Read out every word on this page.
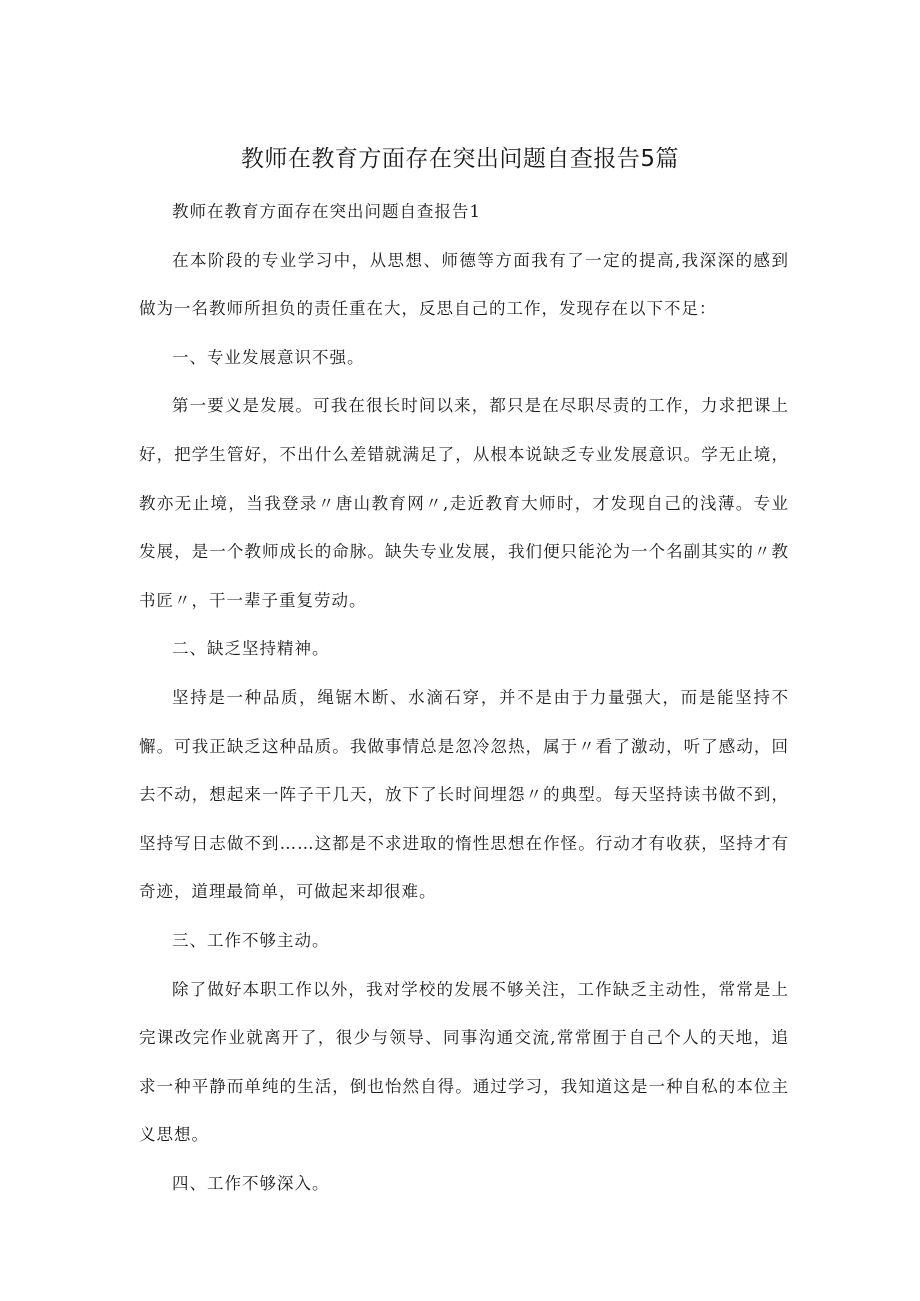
教师在教育方面存在突出问题自查报告5篇

教师在教育方面存在突出问题自查报告1

在本阶段的专业学习中，从思想、师德等方面我有了一定的提高,我深深的感到做为一名教师所担负的责任重在大，反思自己的工作，发现存在以下不足：

一、专业发展意识不强。

第一要义是发展。可我在很长时间以来，都只是在尽职尽责的工作，力求把课上好，把学生管好，不出什么差错就满足了，从根本说缺乏专业发展意识。学无止境，教亦无止境，当我登录〃唐山教育网〃,走近教育大师时，才发现自己的浅薄。专业发展，是一个教师成长的命脉。缺失专业发展，我们便只能沦为一个名副其实的〃教书匠〃，干一辈子重复劳动。

二、缺乏坚持精神。

坚持是一种品质，绳锯木断、水滴石穿，并不是由于力量强大，而是能坚持不懈。可我正缺乏这种品质。我做事情总是忽冷忽热，属于〃看了激动，听了感动，回去不动，想起来一阵子干几天，放下了长时间埋怨〃的典型。每天坚持读书做不到，坚持写日志做不到……这都是不求进取的惰性思想在作怪。行动才有收获，坚持才有奇迹，道理最简单，可做起来却很难。

三、工作不够主动。

除了做好本职工作以外，我对学校的发展不够关注，工作缺乏主动性，常常是上完课改完作业就离开了，很少与领导、同事沟通交流,常常囿于自己个人的天地，追求一种平静而单纯的生活，倒也怡然自得。通过学习，我知道这是一种自私的本位主义思想。

四、工作不够深入。
